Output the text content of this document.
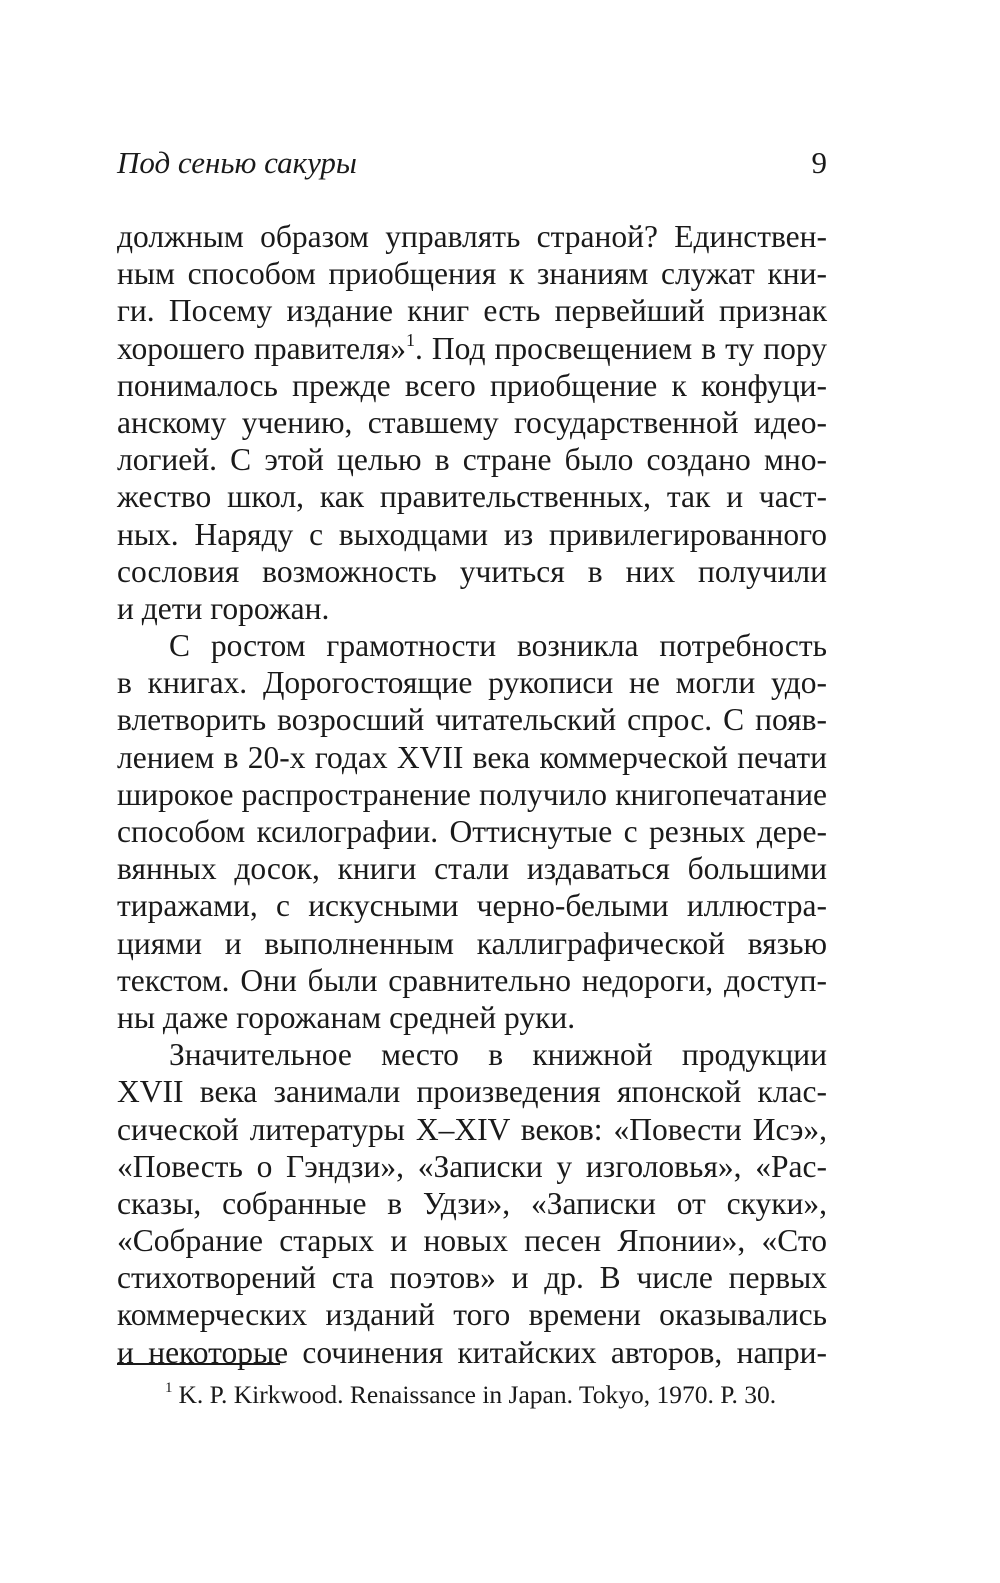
Под сенью сакуры	9
должным образом управлять страной? Единствен-
ным способом приобщения к знаниям служат кни-
ги. Посему издание книг есть первейший признак
хорошего правителя»$^1$. Под просвещением в ту пору
понималось прежде всего приобщение к конфуци-
анскому учению, ставшему государственной идео-
логией. С этой целью в стране было создано мно-
жество школ, как правительственных, так и част-
ных. Наряду с выходцами из привилегированного
сословия возможность учиться в них получили
и дети горожан.
С ростом грамотности возникла потребность
в книгах. Дорогостоящие рукописи не могли удо-
влетворить возросший читательский спрос. С появ-
лением в 20-х годах XVII века коммерческой печати
широкое распространение получило книгопечатание
способом ксилографии. Оттиснутые с резных дере-
вянных досок, книги стали издаваться большими
тиражами, с искусными черно-белыми иллюстра-
циями и выполненным каллиграфической вязью
текстом. Они были сравнительно недороги, доступ-
ны даже горожанам средней руки.
Значительное место в книжной продукции
XVII века занимали произведения японской клас-
сической литературы X–XIV веков: «Повести Исэ»,
«Повесть о Гэндзи», «Записки у изголовья», «Рас-
сказы, собранные в Удзи», «Записки от скуки»,
«Собрание старых и новых песен Японии», «Сто
стихотворений ста поэтов» и др. В числе первых
коммерческих изданий того времени оказывались
и некоторые сочинения китайских авторов, напри-
$^1$ K. P. Kirkwood. Renaissance in Japan. Tokyo, 1970. P. 30.
